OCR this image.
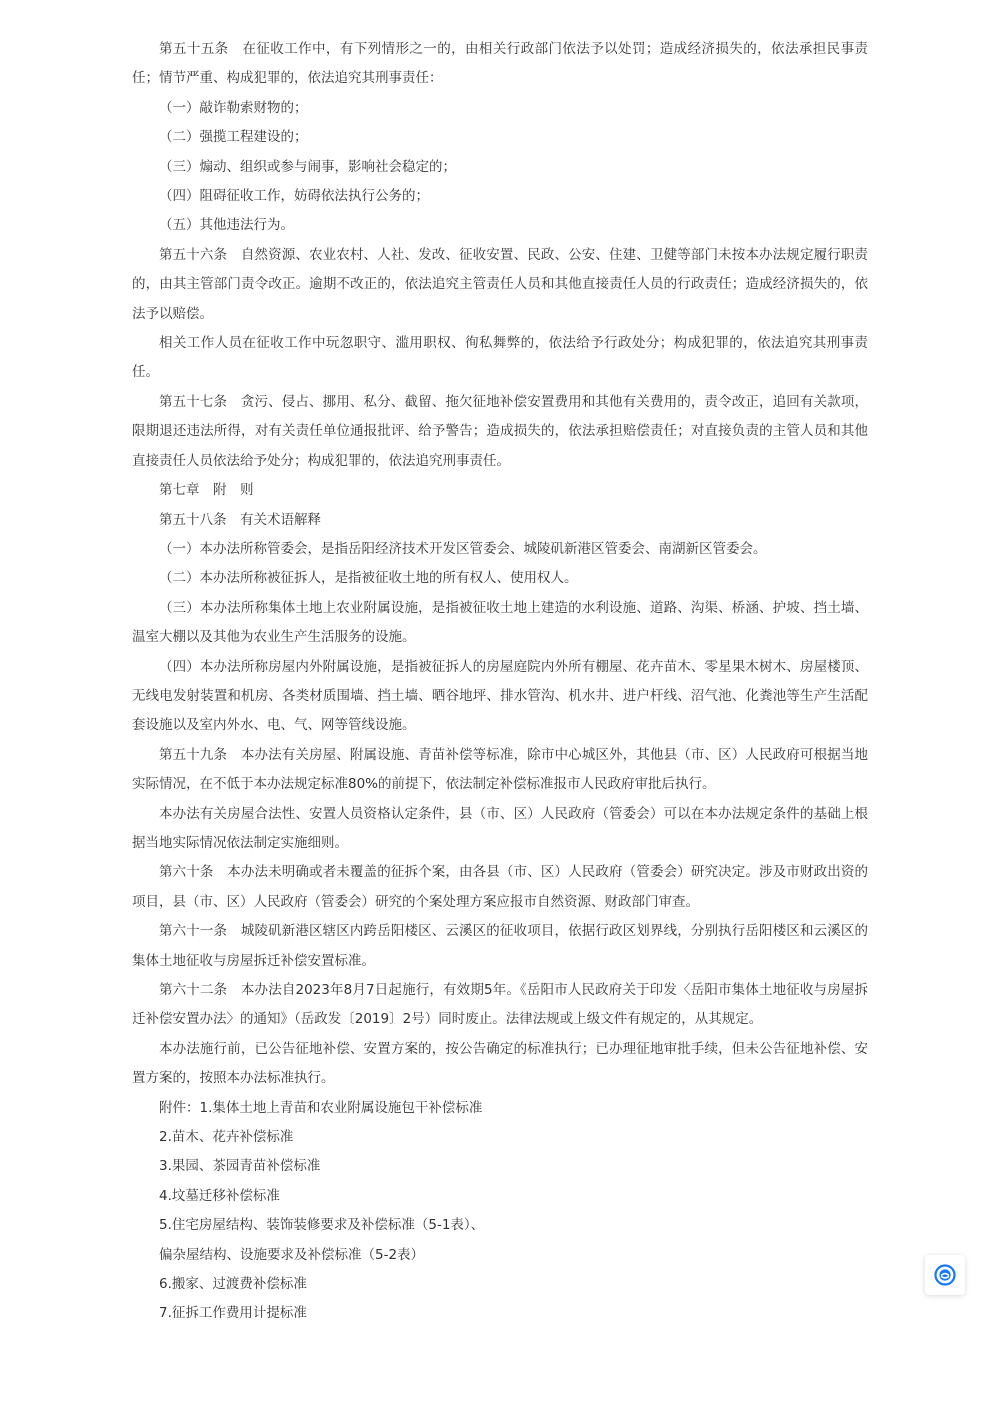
第五十五条　在征收工作中，有下列情形之一的，由相关行政部门依法予以处罚；造成经济损失的，依法承担民事责任；情节严重、构成犯罪的，依法追究其刑事责任：

（一）敲诈勒索财物的；

（二）强揽工程建设的；

（三）煽动、组织或参与闹事，影响社会稳定的；

（四）阻碍征收工作，妨碍依法执行公务的；

（五）其他违法行为。

第五十六条　自然资源、农业农村、人社、发改、征收安置、民政、公安、住建、卫健等部门未按本办法规定履行职责的，由其主管部门责令改正。逾期不改正的，依法追究主管责任人员和其他直接责任人员的行政责任；造成经济损失的，依法予以赔偿。

相关工作人员在征收工作中玩忽职守、滥用职权、徇私舞弊的，依法给予行政处分；构成犯罪的，依法追究其刑事责任。

第五十七条　贪污、侵占、挪用、私分、截留、拖欠征地补偿安置费用和其他有关费用的，责令改正，追回有关款项，限期退还违法所得，对有关责任单位通报批评、给予警告；造成损失的，依法承担赔偿责任；对直接负责的主管人员和其他直接责任人员依法给予处分；构成犯罪的，依法追究刑事责任。

第七章　附　则

第五十八条　有关术语解释

（一）本办法所称管委会，是指岳阳经济技术开发区管委会、城陵矶新港区管委会、南湖新区管委会。

（二）本办法所称被征拆人，是指被征收土地的所有权人、使用权人。

（三）本办法所称集体土地上农业附属设施，是指被征收土地上建造的水利设施、道路、沟渠、桥涵、护坡、挡土墙、温室大棚以及其他为农业生产生活服务的设施。

（四）本办法所称房屋内外附属设施，是指被征拆人的房屋庭院内外所有棚屋、花卉苗木、零星果木树木、房屋楼顶、无线电发射装置和机房、各类材质围墙、挡土墙、晒谷地坪、排水管沟、机水井、进户杆线、沼气池、化粪池等生产生活配套设施以及室内外水、电、气、网等管线设施。

第五十九条　本办法有关房屋、附属设施、青苗补偿等标准，除市中心城区外，其他县（市、区）人民政府可根据当地实际情况，在不低于本办法规定标准80%的前提下，依法制定补偿标准报市人民政府审批后执行。

本办法有关房屋合法性、安置人员资格认定条件，县（市、区）人民政府（管委会）可以在本办法规定条件的基础上根据当地实际情况依法制定实施细则。

第六十条　本办法未明确或者未覆盖的征拆个案，由各县（市、区）人民政府（管委会）研究决定。涉及市财政出资的项目，县（市、区）人民政府（管委会）研究的个案处理方案应报市自然资源、财政部门审查。

第六十一条　城陵矶新港区辖区内跨岳阳楼区、云溪区的征收项目，依据行政区划界线，分别执行岳阳楼区和云溪区的集体土地征收与房屋拆迁补偿安置标准。

第六十二条　本办法自2023年8月7日起施行，有效期5年。《岳阳市人民政府关于印发〈岳阳市集体土地征收与房屋拆迁补偿安置办法〉的通知》（岳政发〔2019〕2号）同时废止。法律法规或上级文件有规定的，从其规定。

本办法施行前，已公告征地补偿、安置方案的，按公告确定的标准执行；已办理征地审批手续，但未公告征地补偿、安置方案的，按照本办法标准执行。

附件：1.集体土地上青苗和农业附属设施包干补偿标准

2.苗木、花卉补偿标准

3.果园、茶园青苗补偿标准

4.坟墓迁移补偿标准

5.住宅房屋结构、装饰装修要求及补偿标准（5-1表）、

偏杂屋结构、设施要求及补偿标准（5-2表）

6.搬家、过渡费补偿标准

7.征拆工作费用计提标准
